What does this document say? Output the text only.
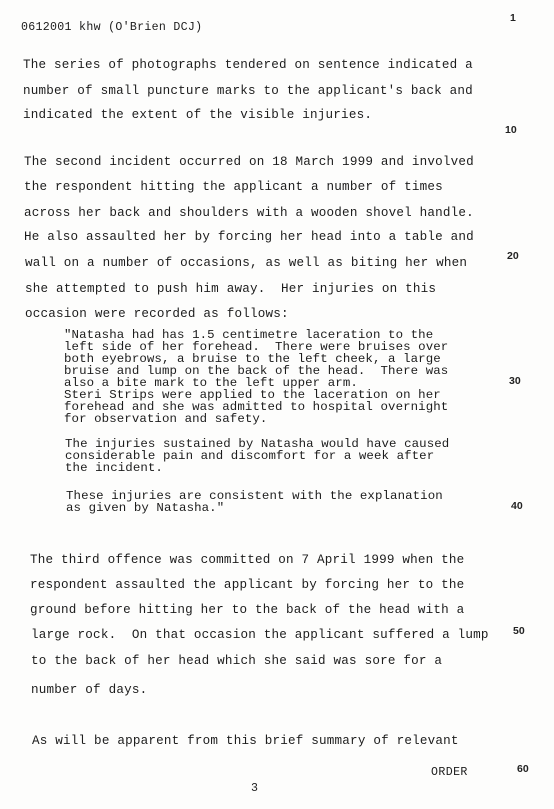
0612001 khw (O'Brien DCJ)
1
10
20
30
40
50
60
The series of photographs tendered on sentence indicated a
number of small puncture marks to the applicant's back and
indicated the extent of the visible injuries.
The second incident occurred on 18 March 1999 and involved
the respondent hitting the applicant a number of times
across her back and shoulders with a wooden shovel handle.
He also assaulted her by forcing her head into a table and
wall on a number of occasions, as well as biting her when
she attempted to push him away.  Her injuries on this
occasion were recorded as follows:
"Natasha had has 1.5 centimetre laceration to the
left side of her forehead.  There were bruises over
both eyebrows, a bruise to the left cheek, a large
bruise and lump on the back of the head.  There was
also a bite mark to the left upper arm.
Steri Strips were applied to the laceration on her
forehead and she was admitted to hospital overnight
for observation and safety.
The injuries sustained by Natasha would have caused
considerable pain and discomfort for a week after
the incident.
These injuries are consistent with the explanation
as given by Natasha."
The third offence was committed on 7 April 1999 when the
respondent assaulted the applicant by forcing her to the
ground before hitting her to the back of the head with a
large rock.  On that occasion the applicant suffered a lump
to the back of her head which she said was sore for a
number of days.
As will be apparent from this brief summary of relevant
ORDER
3
